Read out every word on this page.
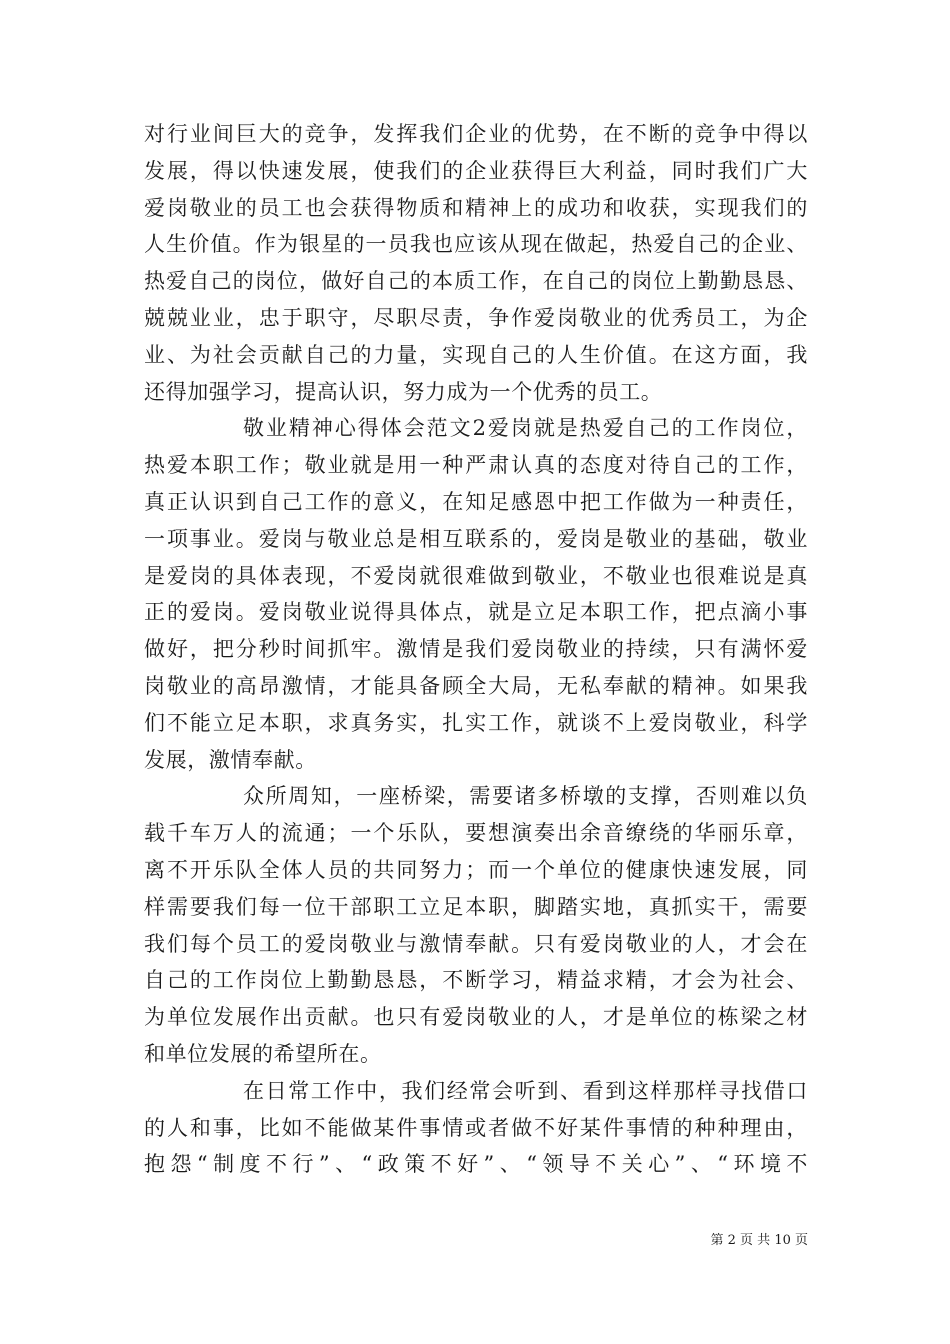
对行业间巨大的竞争，发挥我们企业的优势，在不断的竞争中得以
发展，得以快速发展，使我们的企业获得巨大利益，同时我们广大
爱岗敬业的员工也会获得物质和精神上的成功和收获，实现我们的
人生价值。作为银星的一员我也应该从现在做起，热爱自己的企业、
热爱自己的岗位，做好自己的本质工作，在自己的岗位上勤勤恳恳、
兢兢业业，忠于职守，尽职尽责，争作爱岗敬业的优秀员工，为企
业、为社会贡献自己的力量，实现自己的人生价值。在这方面，我
还得加强学习，提高认识，努力成为一个优秀的员工。
敬业精神心得体会范文2爱岗就是热爱自己的工作岗位，
热爱本职工作；敬业就是用一种严肃认真的态度对待自己的工作，
真正认识到自己工作的意义，在知足感恩中把工作做为一种责任，
一项事业。爱岗与敬业总是相互联系的，爱岗是敬业的基础，敬业
是爱岗的具体表现，不爱岗就很难做到敬业，不敬业也很难说是真
正的爱岗。爱岗敬业说得具体点，就是立足本职工作，把点滴小事
做好，把分秒时间抓牢。激情是我们爱岗敬业的持续，只有满怀爱
岗敬业的高昂激情，才能具备顾全大局，无私奉献的精神。如果我
们不能立足本职，求真务实，扎实工作，就谈不上爱岗敬业，科学
发展，激情奉献。
众所周知，一座桥梁，需要诸多桥墩的支撑，否则难以负
载千车万人的流通；一个乐队，要想演奏出余音缭绕的华丽乐章，
离不开乐队全体人员的共同努力；而一个单位的健康快速发展，同
样需要我们每一位干部职工立足本职，脚踏实地，真抓实干，需要
我们每个员工的爱岗敬业与激情奉献。只有爱岗敬业的人，才会在
自己的工作岗位上勤勤恳恳，不断学习，精益求精，才会为社会、
为单位发展作出贡献。也只有爱岗敬业的人，才是单位的栋梁之材
和单位发展的希望所在。
在日常工作中，我们经常会听到、看到这样那样寻找借口
的人和事，比如不能做某件事情或者做不好某件事情的种种理由，
抱怨“制度不行”、“政策不好”、“领导不关心”、“环境不
第 2 页 共 10 页
